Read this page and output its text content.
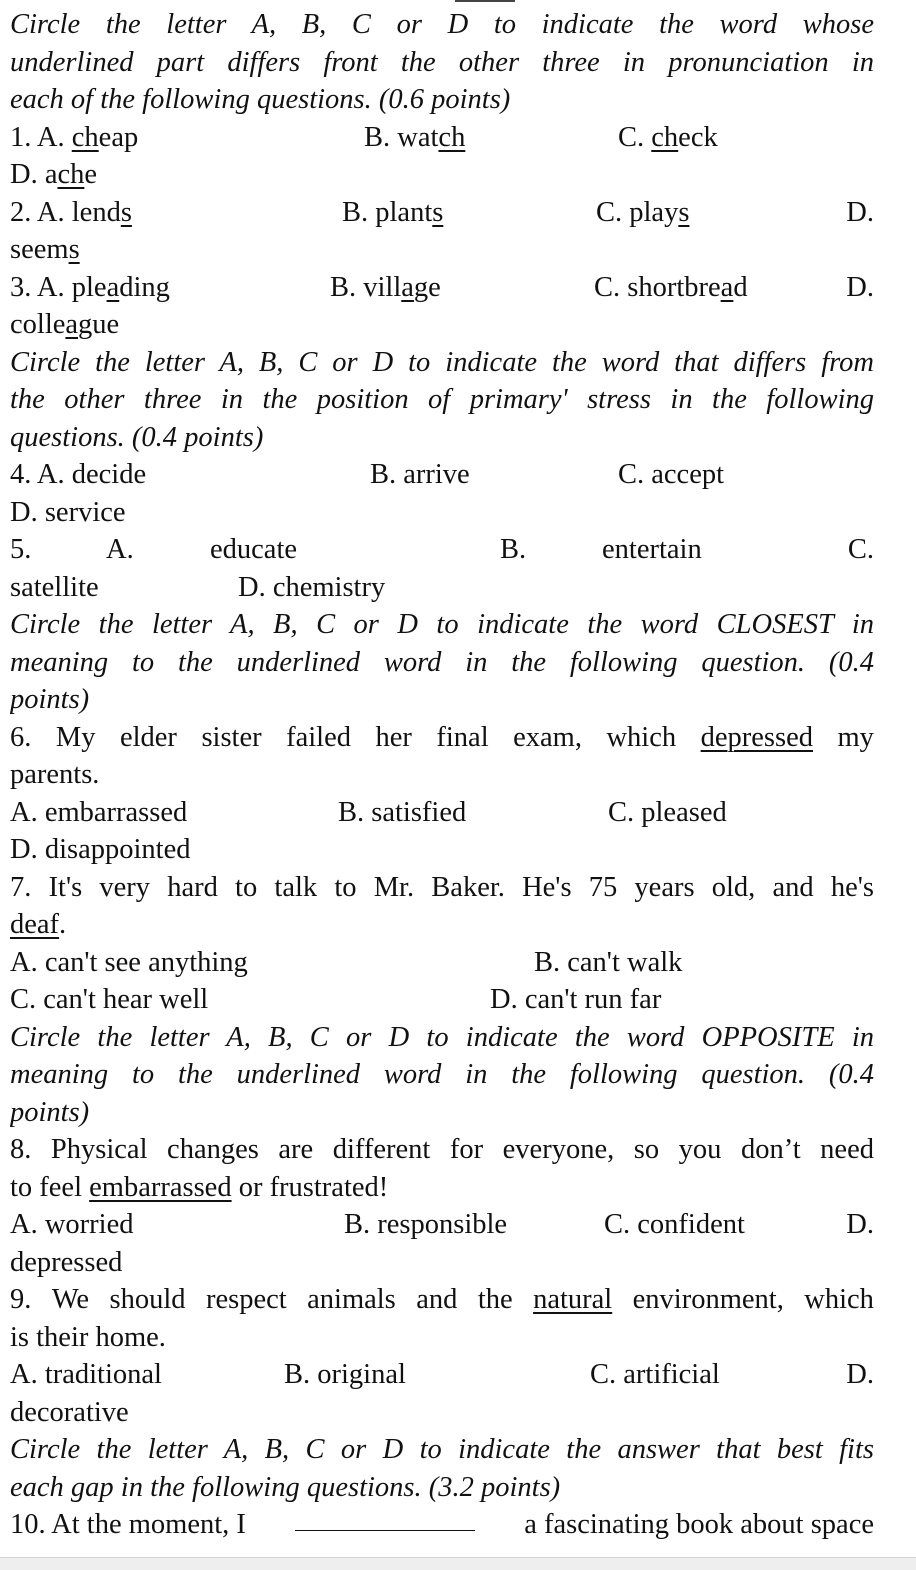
Circle the letter A, B, C or D to indicate the word whose
underlined part differs front the other three in pronunciation in
each of the following questions. (0.6 points)
1. A. cheap	B. watch	C. check
D. ache
2. A. lends	B. plants	C. plays	D.
seems
3. A. pleading	B. village	C. shortbread	D.
colleague
Circle the letter A, B, C or D to indicate the word that differs from
the other three in the position of primary' stress in the following
questions. (0.4 points)
4. A. decide	B. arrive	C. accept
D. service
5.	A.	educate	B.	entertain	C.
satellite	D. chemistry
Circle the letter A, B, C or D to indicate the word CLOSEST in
meaning to the underlined word in the following question. (0.4
points)
6. My elder sister failed her final exam, which depressed my
parents.
A. embarrassed	B. satisfied	C. pleased
D. disappointed
7. It's very hard to talk to Mr. Baker. He's 75 years old, and he's
deaf.
A. can't see anything	B. can't walk
C. can't hear well	D. can't run far
Circle the letter A, B, C or D to indicate the word OPPOSITE in
meaning to the underlined word in the following question. (0.4
points)
8. Physical changes are different for everyone, so you don’t need
to feel embarrassed or frustrated!
A. worried	B. responsible	C. confident	D.
depressed
9. We should respect animals and the natural environment, which
is their home.
A. traditional	B. original	C. artificial	D.
decorative
Circle the letter A, B, C or D to indicate the answer that best fits
each gap in the following questions. (3.2 points)
10. At the moment, I	a fascinating book about space
